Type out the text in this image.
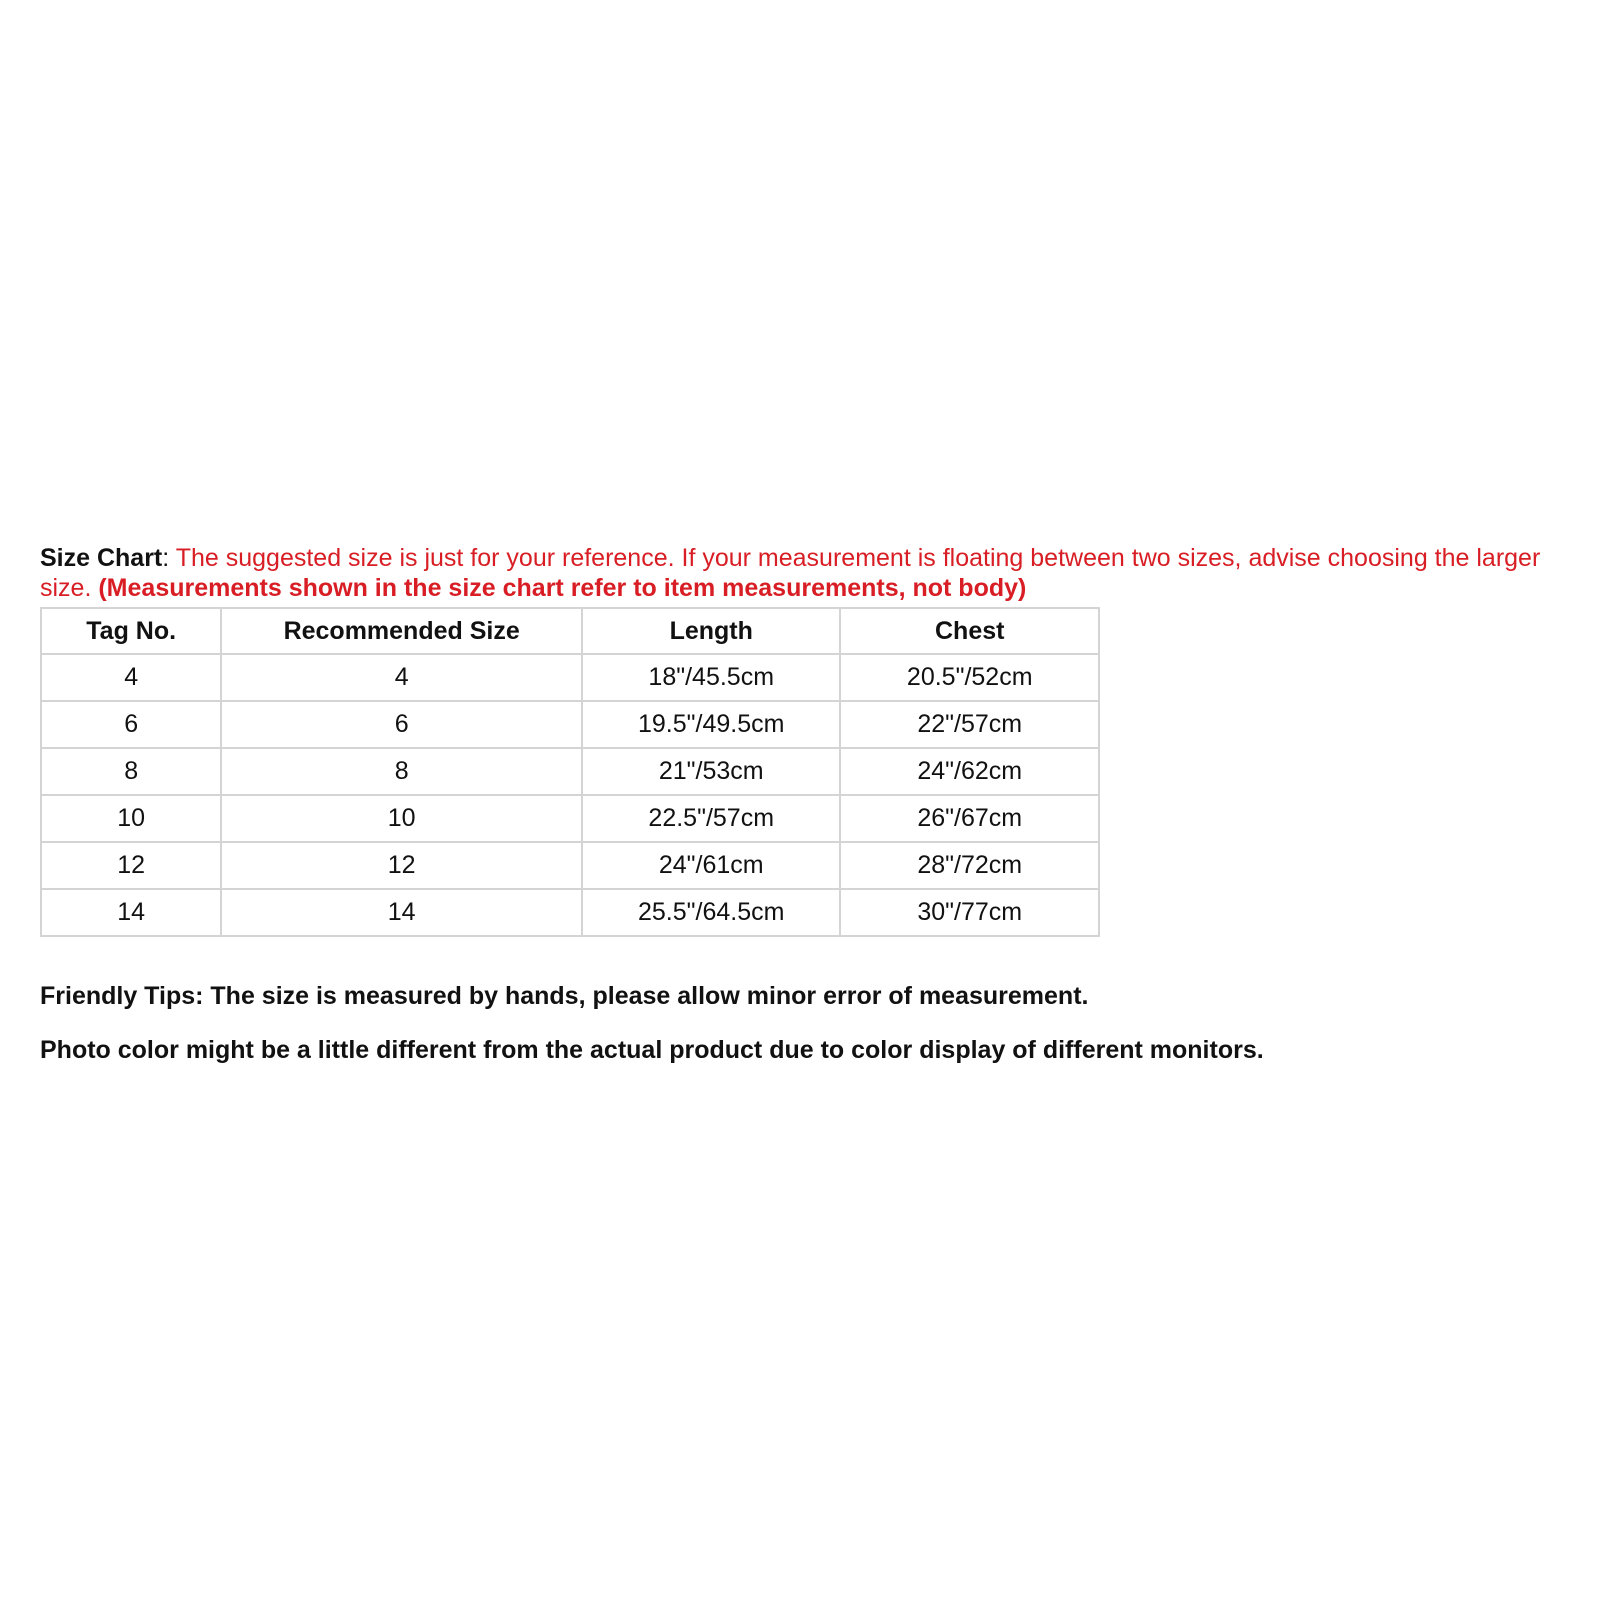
Size Chart: The suggested size is just for your reference. If your measurement is floating between two sizes, advise choosing the larger size. (Measurements shown in the size chart refer to item measurements, not body)

Tag No.	Recommended Size	Length	Chest
4	4	18"/45.5cm	20.5"/52cm
6	6	19.5"/49.5cm	22"/57cm
8	8	21"/53cm	24"/62cm
10	10	22.5"/57cm	26"/67cm
12	12	24"/61cm	28"/72cm
14	14	25.5"/64.5cm	30"/77cm

Friendly Tips: The size is measured by hands, please allow minor error of measurement.

Photo color might be a little different from the actual product due to color display of different monitors.
